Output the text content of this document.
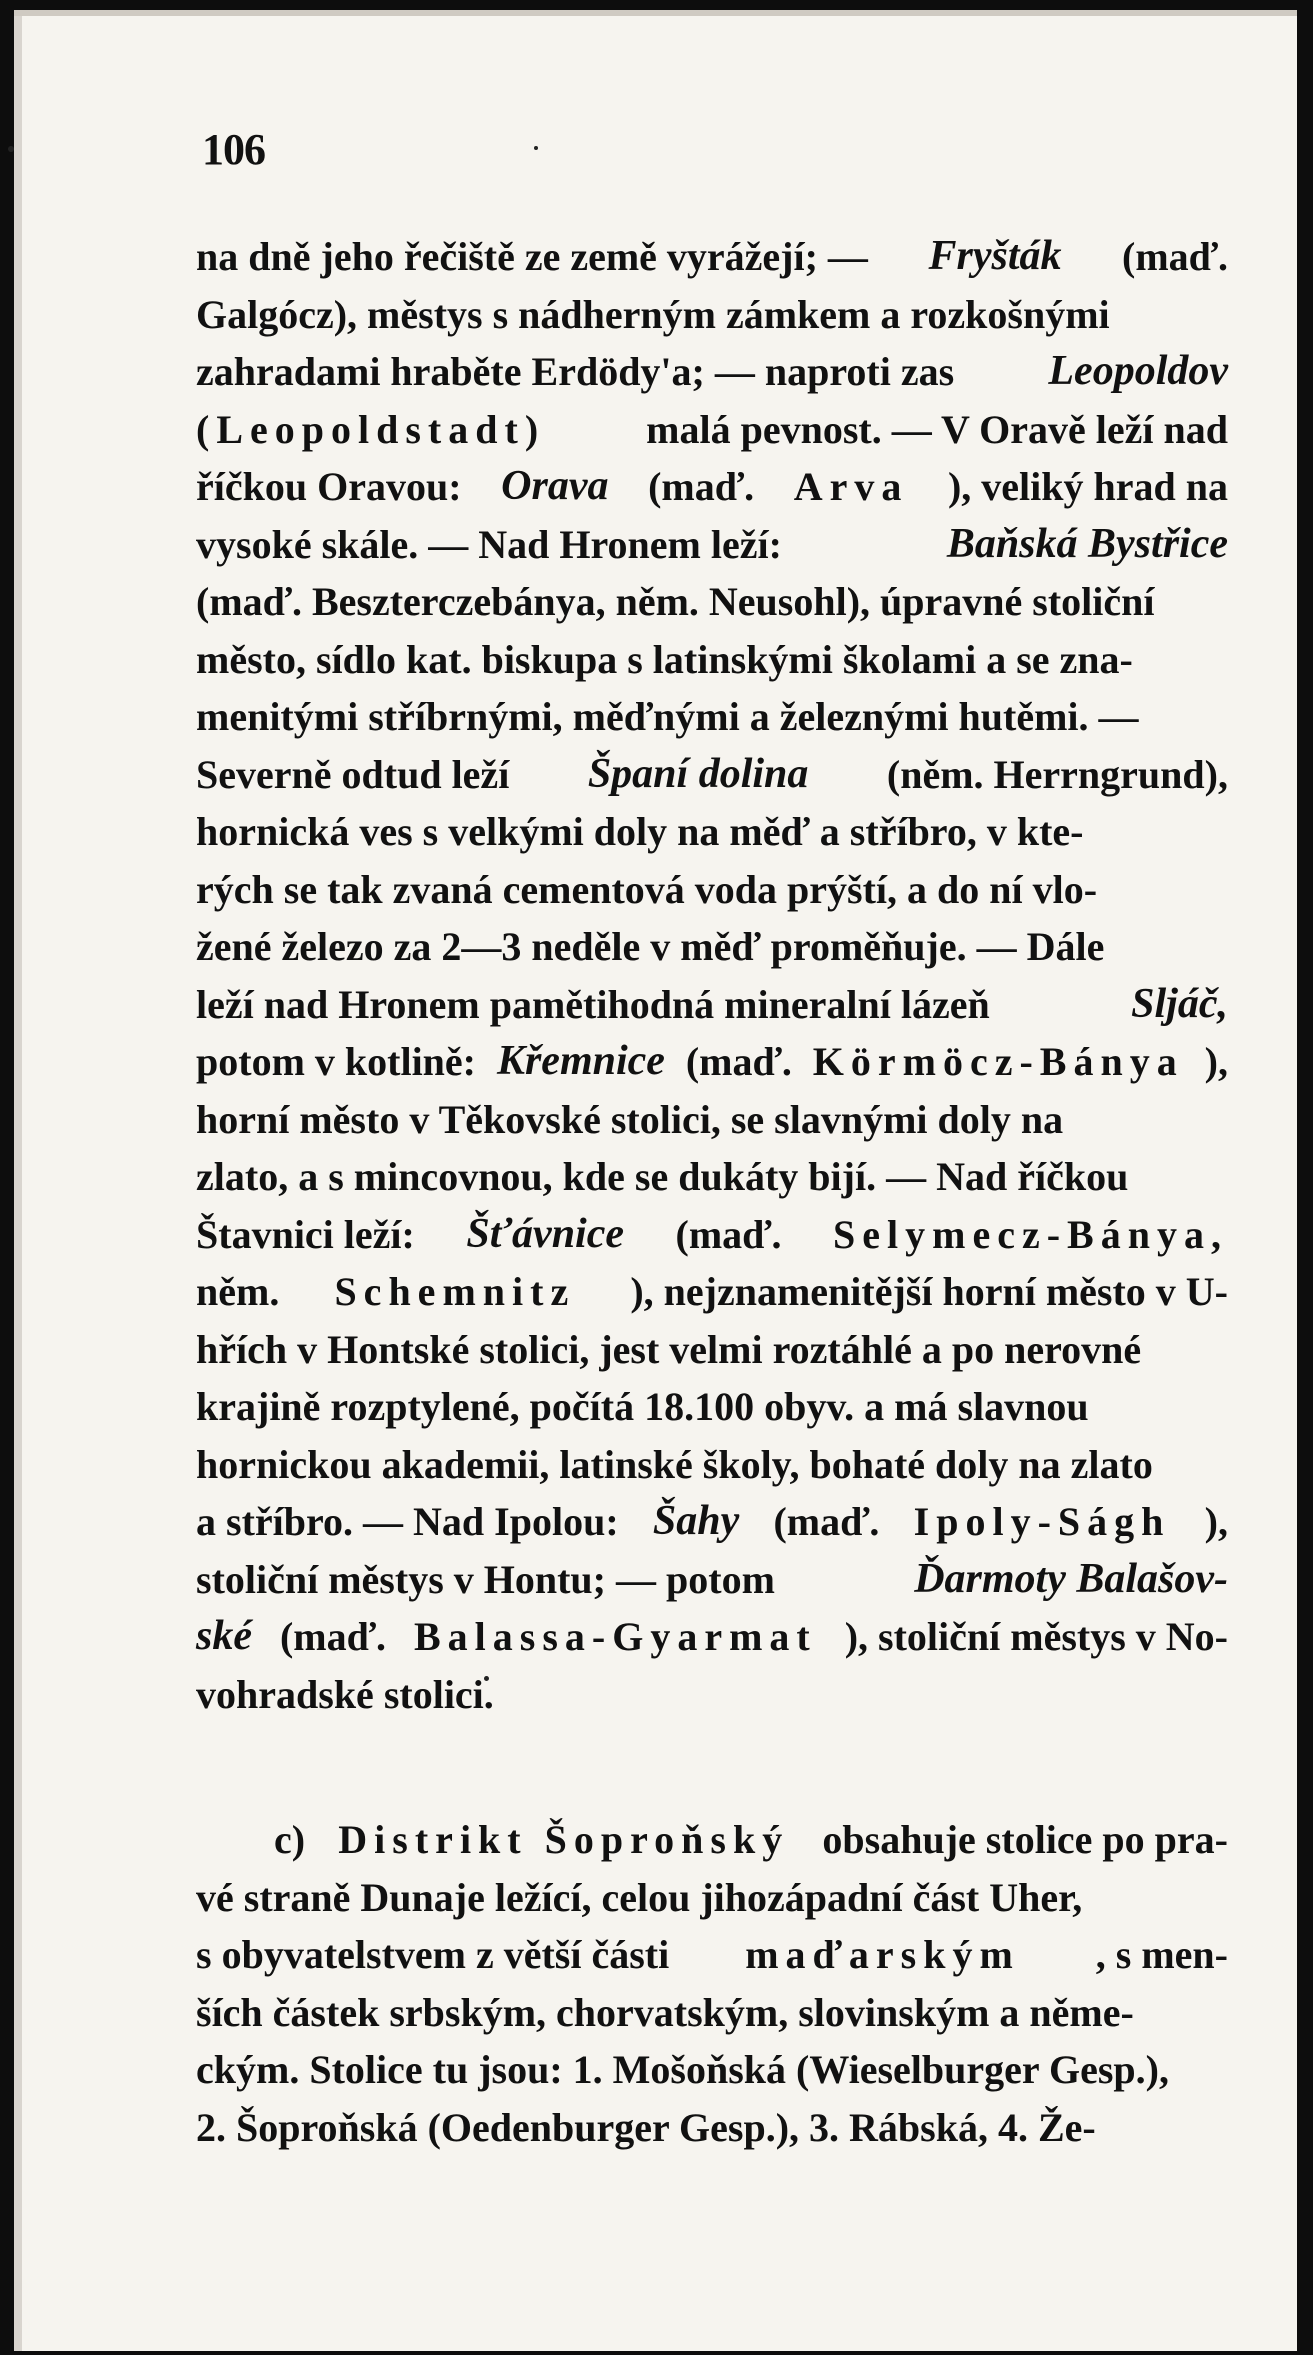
106
na dně jeho řečiště ze země vyrážejí; — Fryšták (maď.
Galgócz), městys s nádherným zámkem a rozkošnými
zahradami hraběte Erdödy'a; — naproti zas Leopoldov
(Leopoldstadt)	malá pevnost. — V Oravě leží nad
říčkou Oravou: Orava (maď. Arva ), veliký hrad na
vysoké skále. — Nad Hronem leží:	Baňská Bystřice
(maď. Beszterczebánya, něm. Neusohl), úpravné stoliční
město, sídlo kat. biskupa s latinskými školami a se zna-
menitými stříbrnými, měďnými a železnými hutěmi. —
Severně odtud leží Španí dolina (něm. Herrngrund),
hornická ves s velkými doly na měď a stříbro, v kte-
rých se tak zvaná cementová voda prýští, a do ní vlo-
žené železo za 2—3 neděle v měď proměňuje. — Dále
leží nad Hronem pamětihodná mineralní lázeň	Sljáč,
potom v kotlině: Křemnice (maď. Körmöcz-Bánya ),
horní město v Těkovské stolici, se slavnými doly na
zlato, a s mincovnou, kde se dukáty bijí. — Nad říčkou
Štavnici leží: Šťávnice (maď. Selymecz-Bánya,
něm. Schemnitz ), nejznamenitější horní město v U-
hřích v Hontské stolici, jest velmi roztáhlé a po nerovné
krajině rozptylené, počítá 18.100 obyv. a má slavnou
hornickou akademii, latinské školy, bohaté doly na zlato
a stříbro. — Nad Ipolou: Šahy (maď. Ipoly-Ságh ),
stoliční městys v Hontu; — potom	Ďarmoty Balašov-
ské (maď. Balassa-Gyarmat ), stoliční městys v No-
vohradské stolici.
c) Distrikt Šoproňský obsahuje stolice po pra-
vé straně Dunaje ležící, celou jihozápadní část Uher,
s obyvatelstvem z větší části maďarským , s men-
ších částek srbským, chorvatským, slovinským a něme-
ckým. Stolice tu jsou: 1. Mošoňská (Wieselburger Gesp.),
2. Šoproňská (Oedenburger Gesp.), 3. Rábská, 4. Že-
